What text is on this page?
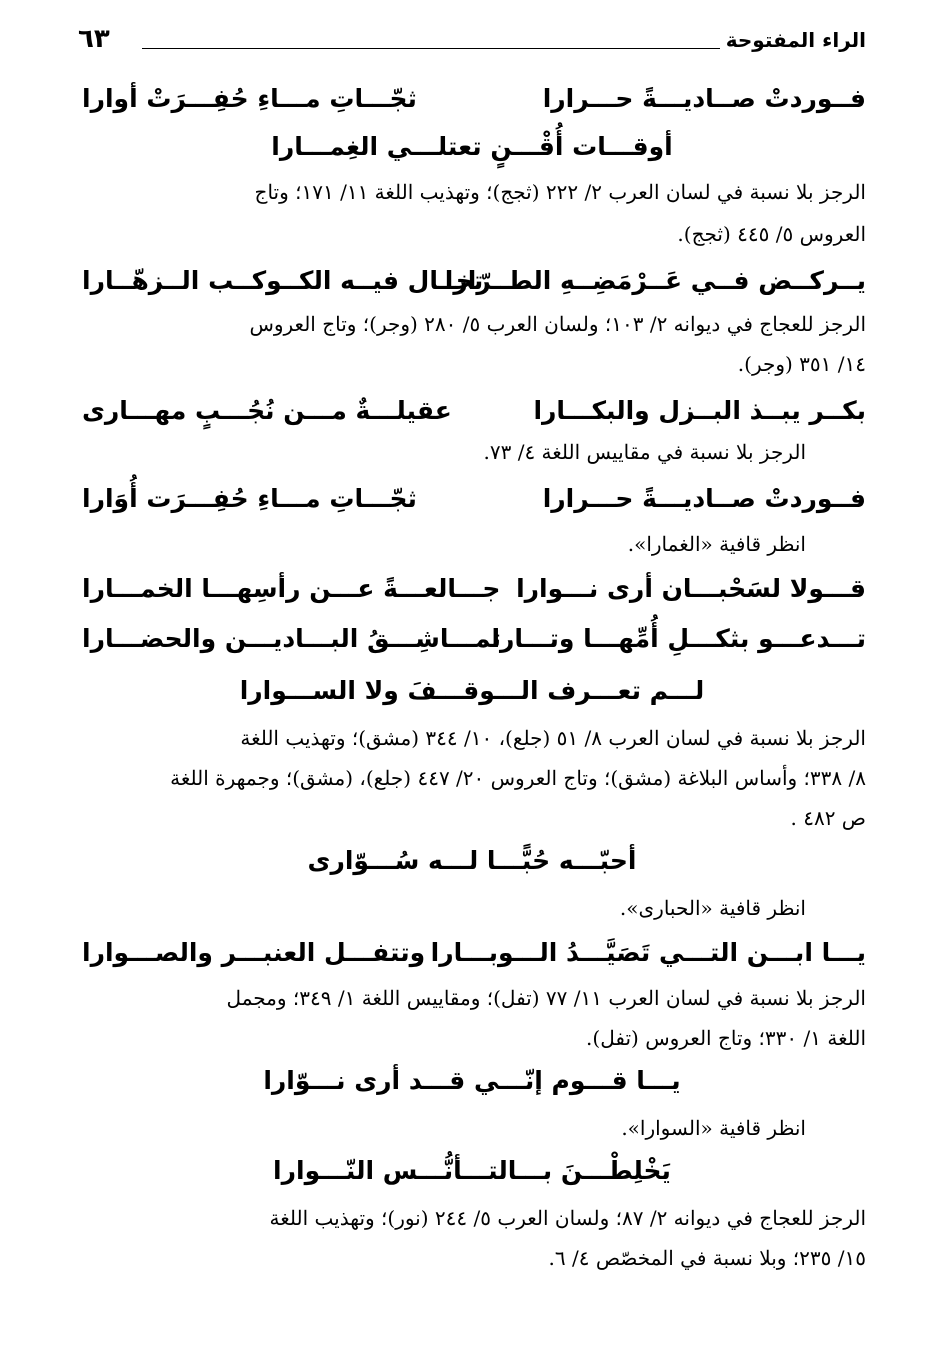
الراء المفتوحة
٦٣
فــوردتْ صــاديـــةً حـــرارا
ثجّـــاتِ مـــاءِ حُفِـــرَتْ أوارا
أوقـــات أُقْـــنٍ تعتلـــي الغِمـــارا
الرجز بلا نسبة في لسان العرب ٢/ ٢٢٢ (ثجج)؛ وتهذيب اللغة ١١/ ١٧١؛ وتاج
العروس ٥/ ٤٤٥ (ثجج).
يــركــض فــي عَــرْمَضِــهِ الطــرّارا
تخــال فيــه الكــوكــب الــزهّــارا
الرجز للعجاج في ديوانه ٢/ ١٠٣؛ ولسان العرب ٥/ ٢٨٠ (وجر)؛ وتاج العروس
١٤/ ٣٥١ (وجر).
بكــر يبــذ البــزل والبكـــارا
عقيلـــةٌ مـــن نُجُـــبٍ مهـــارى
الرجز بلا نسبة في مقاييس اللغة ٤/ ٧٣.
فــوردتْ صــاديـــةً حـــرارا
ثجّـــاتِ مـــاءِ حُفِـــرَت أُوَارا
انظر قافية «الغمارا».
قـــولا لسَحْبـــان أرى نـــوارا
جـــالعـــةً عـــن رأسِهـــا الخمـــارا
تـــدعـــو بثكـــلِ أُمِّهـــا وتـــارا
تمـــاشِـــقُ البـــاديـــن والحضـــارا
لـــم تعـــرف الـــوقـــفَ ولا الســـوارا
الرجز بلا نسبة في لسان العرب ٨/ ٥١ (جلع)، ١٠/ ٣٤٤ (مشق)؛ وتهذيب اللغة
٨/ ٣٣٨؛ وأساس البلاغة (مشق)؛ وتاج العروس ٢٠/ ٤٤٧ (جلع)، (مشق)؛ وجمهرة اللغة
ص ٤٨٢ .
أحبّـــه حُبًّـــا لـــه سُـــوّارى
انظر قافية «الحبارى».
يـــا ابـــن التـــي تَصَيَّـــدُ الـــوبـــارا
وتتفـــل العنبـــر والصـــوارا
الرجز بلا نسبة في لسان العرب ١١/ ٧٧ (تفل)؛ ومقاييس اللغة ١/ ٣٤٩؛ ومجمل
اللغة ١/ ٣٣٠؛ وتاج العروس (تفل).
يـــا قـــوم إنّـــي قـــد أرى نـــوّارا
انظر قافية «السوارا».
يَخْلِطْـــنَ بـــالتـــأنُّـــس النّـــوارا
الرجز للعجاج في ديوانه ٢/ ٨٧؛ ولسان العرب ٥/ ٢٤٤ (نور)؛ وتهذيب اللغة
١٥/ ٢٣٥؛ وبلا نسبة في المخصّص ٤/ ٦.
